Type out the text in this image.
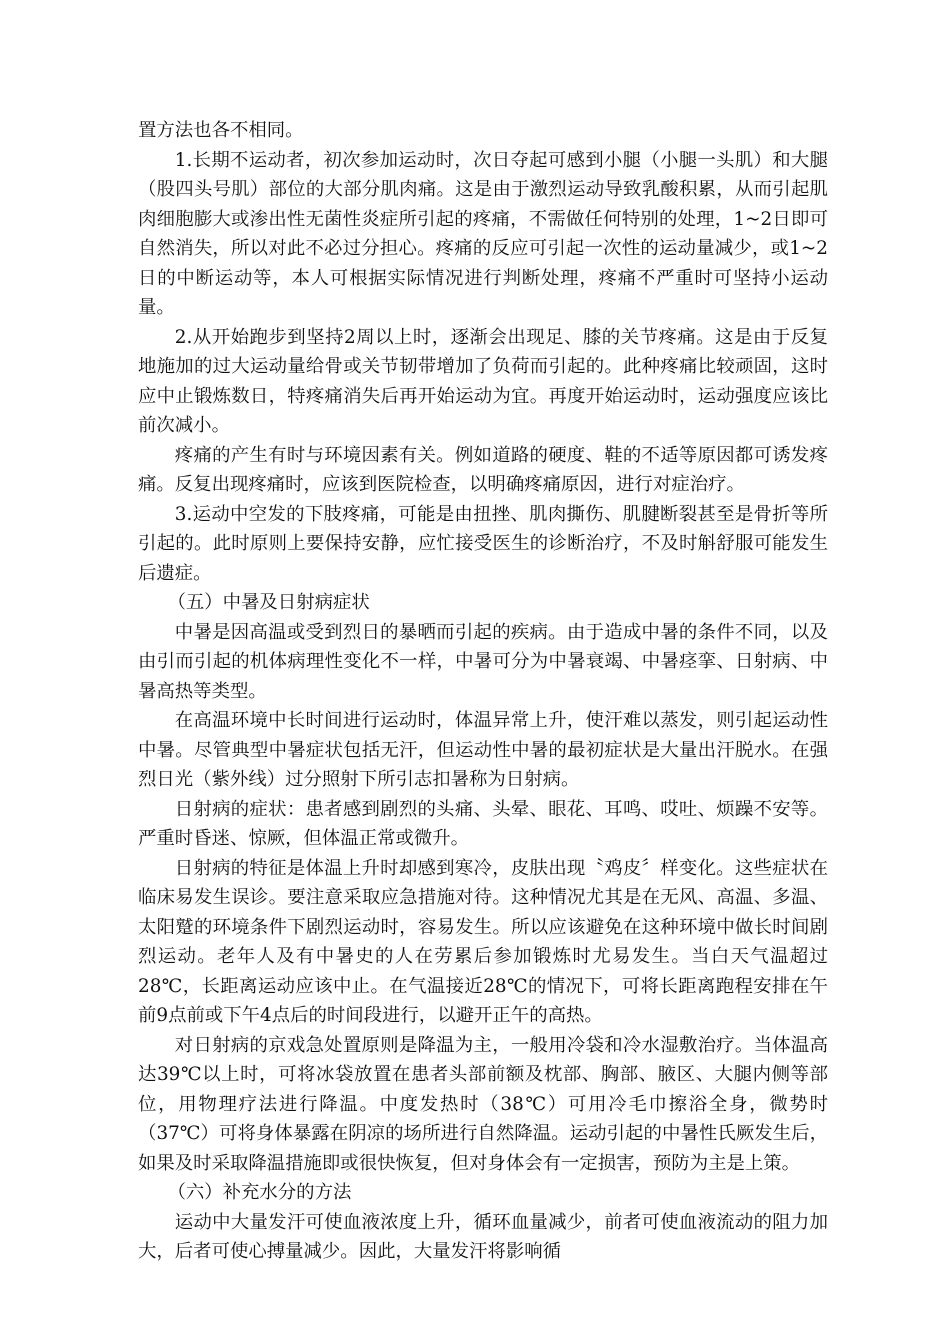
置方法也各不相同。

1.长期不运动者，初次参加运动时，次日夺起可感到小腿（小腿一头肌）和大腿（股四头号肌）部位的大部分肌肉痛。这是由于激烈运动导致乳酸积累，从而引起肌肉细胞膨大或渗出性无菌性炎症所引起的疼痛，不需做任何特别的处理，1~2日即可自然消失，所以对此不必过分担心。疼痛的反应可引起一次性的运动量减少，或1~2日的中断运动等，本人可根据实际情况进行判断处理，疼痛不严重时可坚持小运动量。

2.从开始跑步到坚持2周以上时，逐渐会出现足、膝的关节疼痛。这是由于反复地施加的过大运动量给骨或关节韧带增加了负荷而引起的。此种疼痛比较顽固，这时应中止锻炼数日，特疼痛消失后再开始运动为宜。再度开始运动时，运动强度应该比前次减小。

疼痛的产生有时与环境因素有关。例如道路的硬度、鞋的不适等原因都可诱发疼痛。反复出现疼痛时，应该到医院检查，以明确疼痛原因，进行对症治疗。

3.运动中空发的下肢疼痛，可能是由扭挫、肌肉撕伤、肌腱断裂甚至是骨折等所引起的。此时原则上要保持安静，应忙接受医生的诊断治疗，不及时斛舒服可能发生后遗症。

（五）中暑及日射病症状

中暑是因高温或受到烈日的暴晒而引起的疾病。由于造成中暑的条件不同，以及由引而引起的机体病理性变化不一样，中暑可分为中暑衰竭、中暑痉挛、日射病、中暑高热等类型。

在高温环境中长时间进行运动时，体温异常上升，使汗难以蒸发，则引起运动性中暑。尽管典型中暑症状包括无汗，但运动性中暑的最初症状是大量出汗脱水。在强烈日光（紫外线）过分照射下所引志扣暑称为日射病。

日射病的症状：患者感到剧烈的头痛、头晕、眼花、耳鸣、哎吐、烦躁不安等。严重时昏迷、惊厥，但体温正常或微升。

日射病的特征是体温上升时却感到寒冷，皮肤出现〝鸡皮〞样变化。这些症状在临床易发生误诊。要注意采取应急措施对待。这种情况尤其是在无风、高温、多温、太阳蹵的环境条件下剧烈运动时，容易发生。所以应该避免在这种环境中做长时间剧烈运动。老年人及有中暑史的人在劳累后参加锻炼时尤易发生。当白天气温超过28℃，长距离运动应该中止。在气温接近28℃的情况下，可将长距离跑程安排在午前9点前或下午4点后的时间段进行，以避开正午的高热。

对日射病的京戏急处置原则是降温为主，一般用冷袋和冷水湿敷治疗。当体温高达39℃以上时，可将冰袋放置在患者头部前额及枕部、胸部、腋区、大腿内侧等部位，用物理疗法进行降温。中度发热时（38℃）可用冷毛巾擦浴全身，微势时（37℃）可将身体暴露在阴凉的场所进行自然降温。运动引起的中暑性氏厥发生后，如果及时采取降温措施即或很快恢复，但对身体会有一定损害，预防为主是上策。

（六）补充水分的方法

运动中大量发汗可使血液浓度上升，循环血量减少，前者可使血液流动的阻力加大，后者可使心搏量减少。因此，大量发汗将影响循
